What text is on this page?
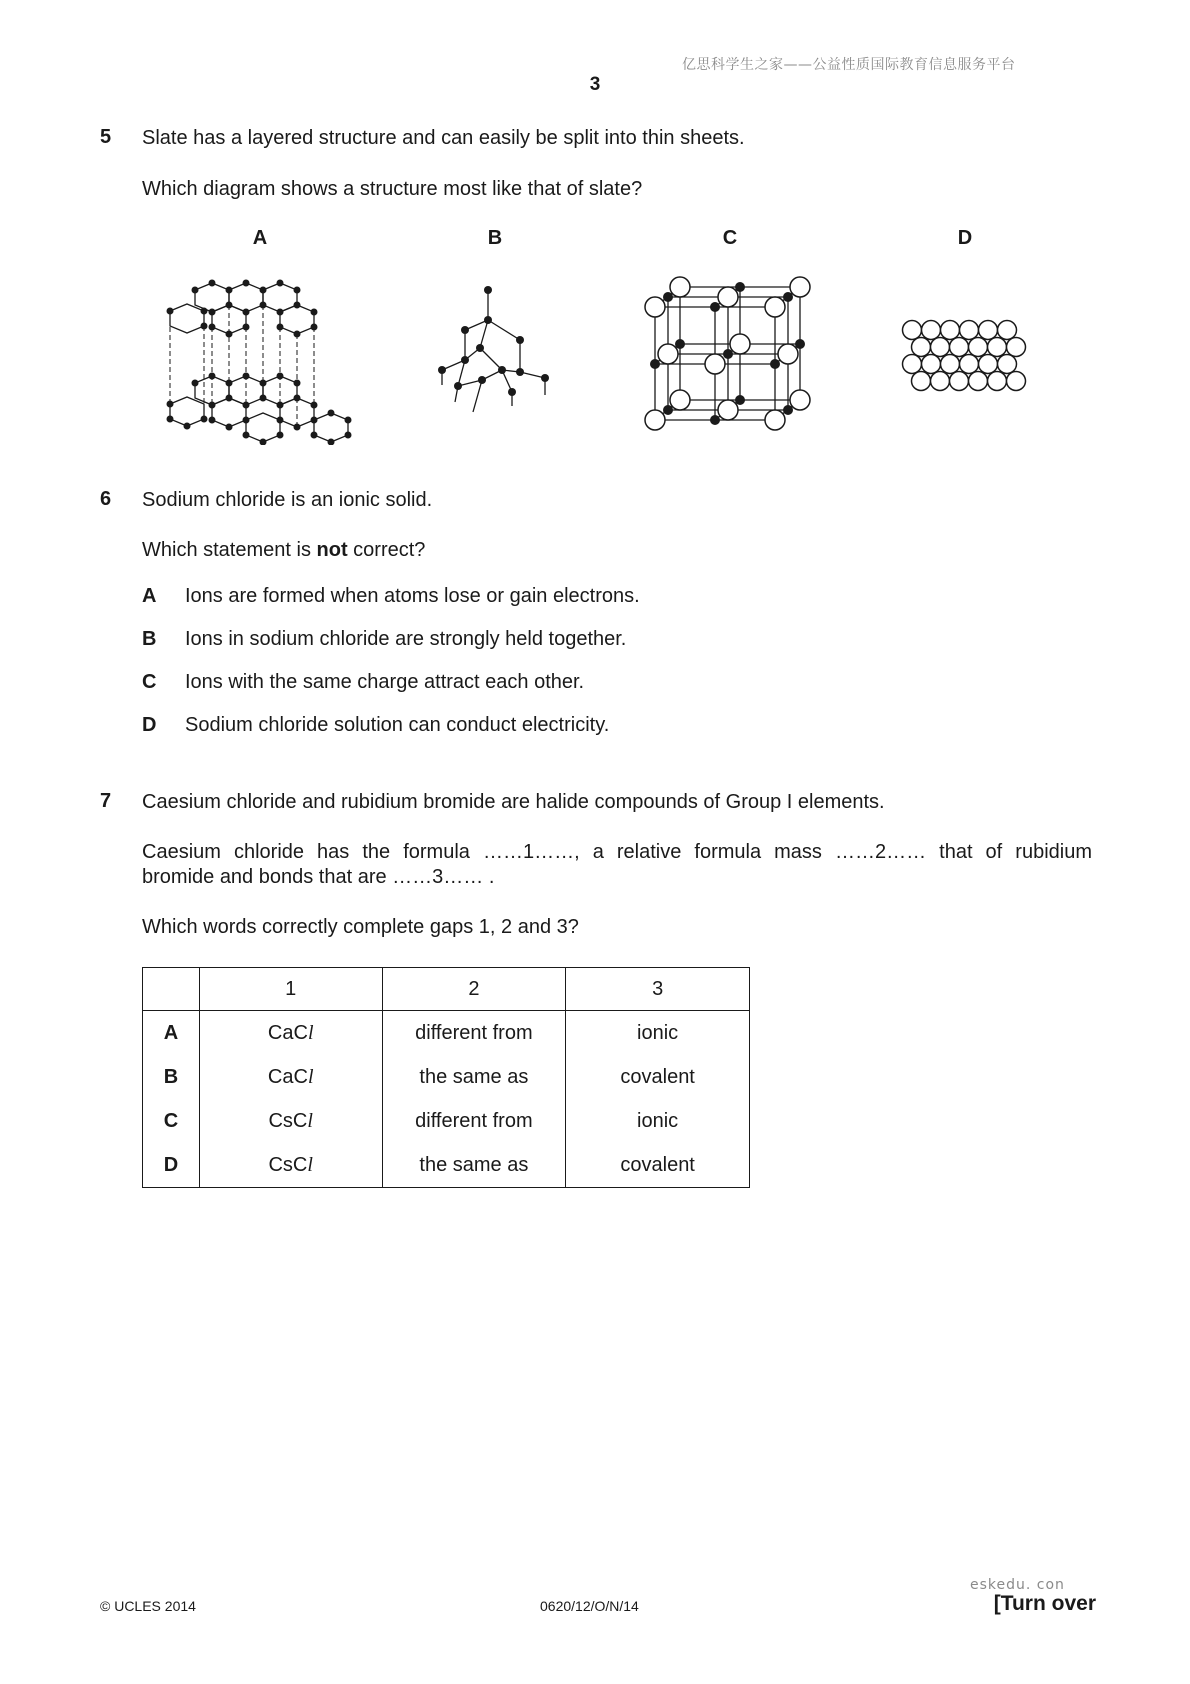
亿思科学生之家——公益性质国际教育信息服务平台
3
5 Slate has a layered structure and can easily be split into thin sheets.
Which diagram shows a structure most like that of slate?
A	B	C	D
6 Sodium chloride is an ionic solid.
Which statement is not correct?
A Ions are formed when atoms lose or gain electrons.
B Ions in sodium chloride are strongly held together.
C Ions with the same charge attract each other.
D Sodium chloride solution can conduct electricity.
7 Caesium chloride and rubidium bromide are halide compounds of Group I elements.
Caesium chloride has the formula ……1……, a relative formula mass ……2…… that of rubidium
bromide and bonds that are ……3…… .
Which words correctly complete gaps 1, 2 and 3?
	1	2	3
A	CaCl	different from	ionic
B	CaCl	the same as	covalent
C	CsCl	different from	ionic
D	CsCl	the same as	covalent
eskedu. con
© UCLES 2014	0620/12/O/N/14	[Turn over
